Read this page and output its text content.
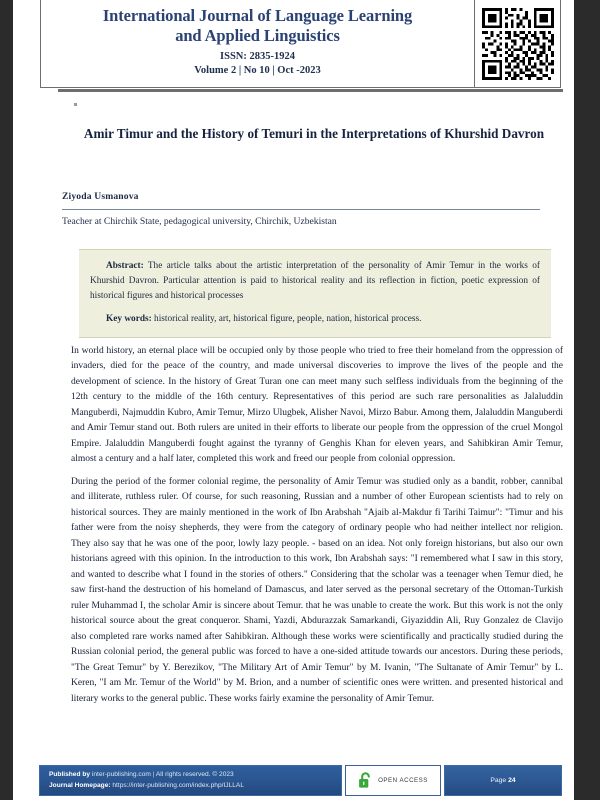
International Journal of Language Learning
and Applied Linguistics
ISSN: 2835-1924
Volume 2 | No 10 | Oct -2023
Amir Timur and the History of Temuri in the Interpretations of Khurshid Davron
Ziyoda Usmanova
Teacher at Chirchik State, pedagogical university, Chirchik, Uzbekistan

Abstract: The article talks about the artistic interpretation of the personality of Amir Temur in the works of Khurshid Davron. Particular attention is paid to historical reality and its reflection in fiction, poetic expression of historical figures and historical processes

Key words: historical reality, art, historical figure, people, nation, historical process.

In world history, an eternal place will be occupied only by those people who tried to free their homeland from the oppression of invaders, died for the peace of the country, and made universal discoveries to improve the lives of the people and the development of science. In the history of Great Turan one can meet many such selfless individuals from the beginning of the 12th century to the middle of the 16th century. Representatives of this period are such rare personalities as Jalaluddin Manguberdi, Najmuddin Kubro, Amir Temur, Mirzo Ulugbek, Alisher Navoi, Mirzo Babur. Among them, Jalaluddin Manguberdi and Amir Temur stand out. Both rulers are united in their efforts to liberate our people from the oppression of the cruel Mongol Empire. Jalaluddin Manguberdi fought against the tyranny of Genghis Khan for eleven years, and Sahibkiran Amir Temur, almost a century and a half later, completed this work and freed our people from colonial oppression.

During the period of the former colonial regime, the personality of Amir Temur was studied only as a bandit, robber, cannibal and illiterate, ruthless ruler. Of course, for such reasoning, Russian and a number of other European scientists had to rely on historical sources. They are mainly mentioned in the work of Ibn Arabshah "Ajaib al-Makdur fi Tarihi Taimur": "Timur and his father were from the noisy shepherds, they were from the category of ordinary people who had neither intellect nor religion. They also say that he was one of the poor, lowly lazy people. - based on an idea. Not only foreign historians, but also our own historians agreed with this opinion. In the introduction to this work, Ibn Arabshah says: "I remembered what I saw in this story, and wanted to describe what I found in the stories of others." Considering that the scholar was a teenager when Temur died, he saw first-hand the destruction of his homeland of Damascus, and later served as the personal secretary of the Ottoman-Turkish ruler Muhammad I, the scholar Amir is sincere about Temur. that he was unable to create the work. But this work is not the only historical source about the great conqueror. Shami, Yazdi, Abdurazzak Samarkandi, Giyaziddin Ali, Ruy Gonzalez de Clavijo also completed rare works named after Sahibkiran. Although these works were scientifically and practically studied during the Russian colonial period, the general public was forced to have a one-sided attitude towards our ancestors. During these periods, "The Great Temur" by Y. Berezikov, "The Military Art of Amir Temur" by M. Ivanin, "The Sultanate of Amir Temur" by L. Keren, "I am Mr. Temur of the World" by M. Brion, and a number of scientific ones were written. and presented historical and literary works to the general public. These works fairly examine the personality of Amir Temur.

Published by inter-publishing.com | All rights reserved. © 2023
Journal Homepage: https://inter-publishing.com/index.php/IJLLAL
OPEN ACCESS	Page 24
